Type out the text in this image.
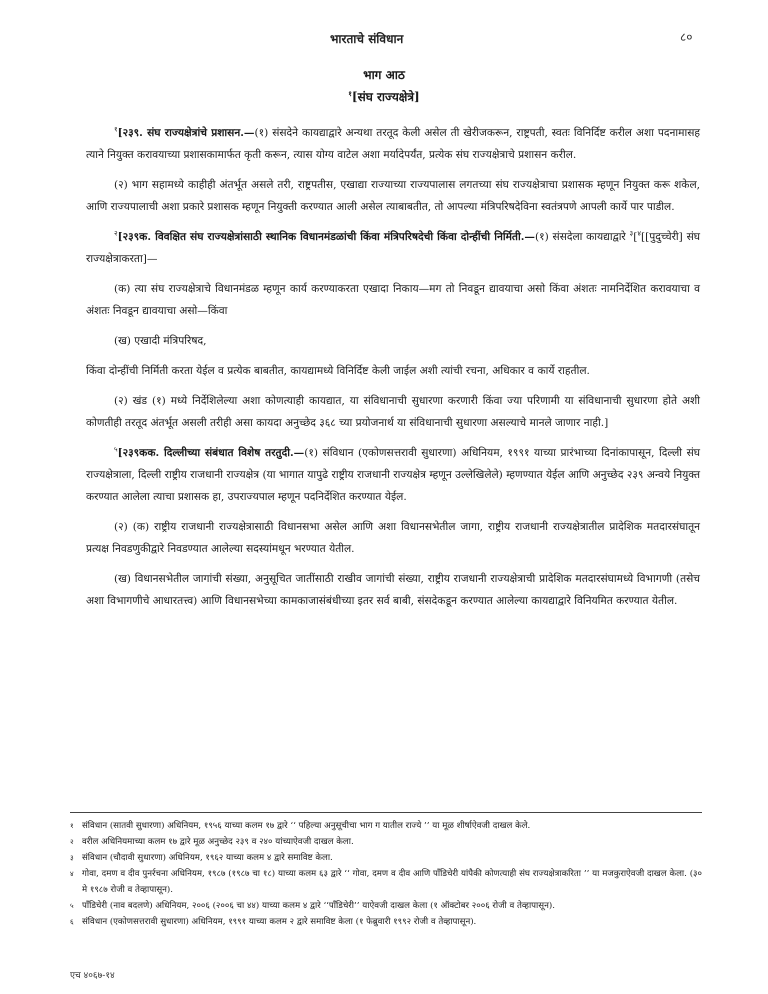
भारताचे संविधान	८०
भाग आठ
$^१$[संघ राज्यक्षेत्रे]

$^१$[२३९. संघ राज्यक्षेत्रांचे प्रशासन.—(१) संसदेने कायद्याद्वारे अन्यथा तरतूद केली असेल ती खेरीजकरून, राष्ट्रपती, स्वतः विनिर्दिष्ट करील अशा पदनामासह त्याने नियुक्त करावयाच्या प्रशासकामार्फत कृती करून, त्यास योग्य वाटेल अशा मर्यादेपर्यंत, प्रत्येक संघ राज्यक्षेत्राचे प्रशासन करील.

(२) भाग सहामध्ये काहीही अंतर्भूत असले तरी, राष्ट्रपतीस, एखाद्या राज्याच्या राज्यपालास लगतच्या संघ राज्यक्षेत्राचा प्रशासक म्हणून नियुक्त करू शकेल, आणि राज्यपालाची अशा प्रकारे प्रशासक म्हणून नियुक्ती करण्यात आली असेल त्याबाबतीत, तो आपल्या मंत्रिपरिषदेविना स्वतंत्रपणे आपली कार्ये पार पाडील.

$^२$[२३९क. विवक्षित संघ राज्यक्षेत्रांसाठी स्थानिक विधानमंडळांची किंवा मंत्रिपरिषदेची किंवा दोन्हींची निर्मिती.—(१) संसदेला कायद्याद्वारे $^३$[$^४$[[पुदुच्चेरी] संघ राज्यक्षेत्राकरता]—

(क) त्या संघ राज्यक्षेत्राचे विधानमंडळ म्हणून कार्य करण्याकरता एखादा निकाय—मग तो निवडून द्यावयाचा असो किंवा अंशतः नामनिर्देशित करावयाचा व अंशतः निवडून द्यावयाचा असो—किंवा

(ख) एखादी मंत्रिपरिषद,

किंवा दोन्हींची निर्मिती करता येईल व प्रत्येक बाबतीत, कायद्यामध्ये विनिर्दिष्ट केली जाईल अशी त्यांची रचना, अधिकार व कार्ये राहतील.

(२) खंड (१) मध्ये निर्देशिलेल्या अशा कोणत्याही कायद्यात, या संविधानाची सुधारणा करणारी किंवा ज्या परिणामी या संविधानाची सुधारणा होते अशी कोणतीही तरतूद अंतर्भूत असली तरीही असा कायदा अनुच्छेद ३६८ च्या प्रयोजनार्थ या संविधानाची सुधारणा असल्याचे मानले जाणार नाही.]

$^५$[२३९कक. दिल्लीच्या संबंधात विशेष तरतुदी.—(१) संविधान (एकोणसत्तरावी सुधारणा) अधिनियम, १९९१ याच्या प्रारंभाच्या दिनांकापासून, दिल्ली संघ राज्यक्षेत्राला, दिल्ली राष्ट्रीय राजधानी राज्यक्षेत्र (या भागात यापुढे राष्ट्रीय राजधानी राज्यक्षेत्र म्हणून उल्लेखिलेले) म्हणण्यात येईल आणि अनुच्छेद २३९ अन्वये नियुक्त करण्यात आलेला त्याचा प्रशासक हा, उपराज्यपाल म्हणून पदनिर्देशित करण्यात येईल.

(२) (क) राष्ट्रीय राजधानी राज्यक्षेत्रासाठी विधानसभा असेल आणि अशा विधानसभेतील जागा, राष्ट्रीय राजधानी राज्यक्षेत्रातील प्रादेशिक मतदारसंघातून प्रत्यक्ष निवडणुकीद्वारे निवडण्यात आलेल्या सदस्यांमधून भरण्यात येतील.

(ख) विधानसभेतील जागांची संख्या, अनुसूचित जातींसाठी राखीव जागांची संख्या, राष्ट्रीय राजधानी राज्यक्षेत्राची प्रादेशिक मतदारसंघामध्ये विभागणी (तसेच अशा विभागणीचे आधारतत्त्व) आणि विधानसभेच्या कामकाजासंबंधीच्या इतर सर्व बाबी, संसदेकडून करण्यात आलेल्या कायद्याद्वारे विनियमित करण्यात येतील.

१ संविधान (सातवी सुधारणा) अधिनियम, १९५६ याच्या कलम १७ द्वारे ‘‘ पहिल्या अनुसूचीचा भाग ग यातील राज्ये ’’ या मूळ शीर्षाऐवजी दाखल केले.
२ वरील अधिनियमाच्या कलम १७ द्वारे मूळ अनुच्छेद २३९ व २४० यांच्याऐवजी दाखल केला.
३ संविधान (चौदावी सुधारणा) अधिनियम, १९६२ याच्या कलम ४ द्वारे समाविष्ट केला.
४ गोवा, दमण व दीव पुनर्रचना अधिनियम, १९८७ (१९८७ चा १८) याच्या कलम ६३ द्वारे ‘‘ गोवा, दमण व दीव आणि पाँडिचेरी यांपैकी कोणत्याही संघ राज्यक्षेत्राकरिता ’’ या मजकुराऐवजी दाखल केला. (३० मे १९८७ रोजी व तेव्हापासून).
५ पाँडिचेरी (नाव बदलणे) अधिनियम, २००६ (२००६ चा ४४) याच्या कलम ४ द्वारे ‘‘पाँडिचेरी’’ याऐवजी दाखल केला (१ ऑक्टोबर २००६ रोजी व तेव्हापासून).
६ संविधान (एकोणसत्तरावी सुधारणा) अधिनियम, १९९१ याच्या कलम २ द्वारे समाविष्ट केला (१ फेब्रुवारी १९९२ रोजी व तेव्हापासून).
एच ४०६७-१४
